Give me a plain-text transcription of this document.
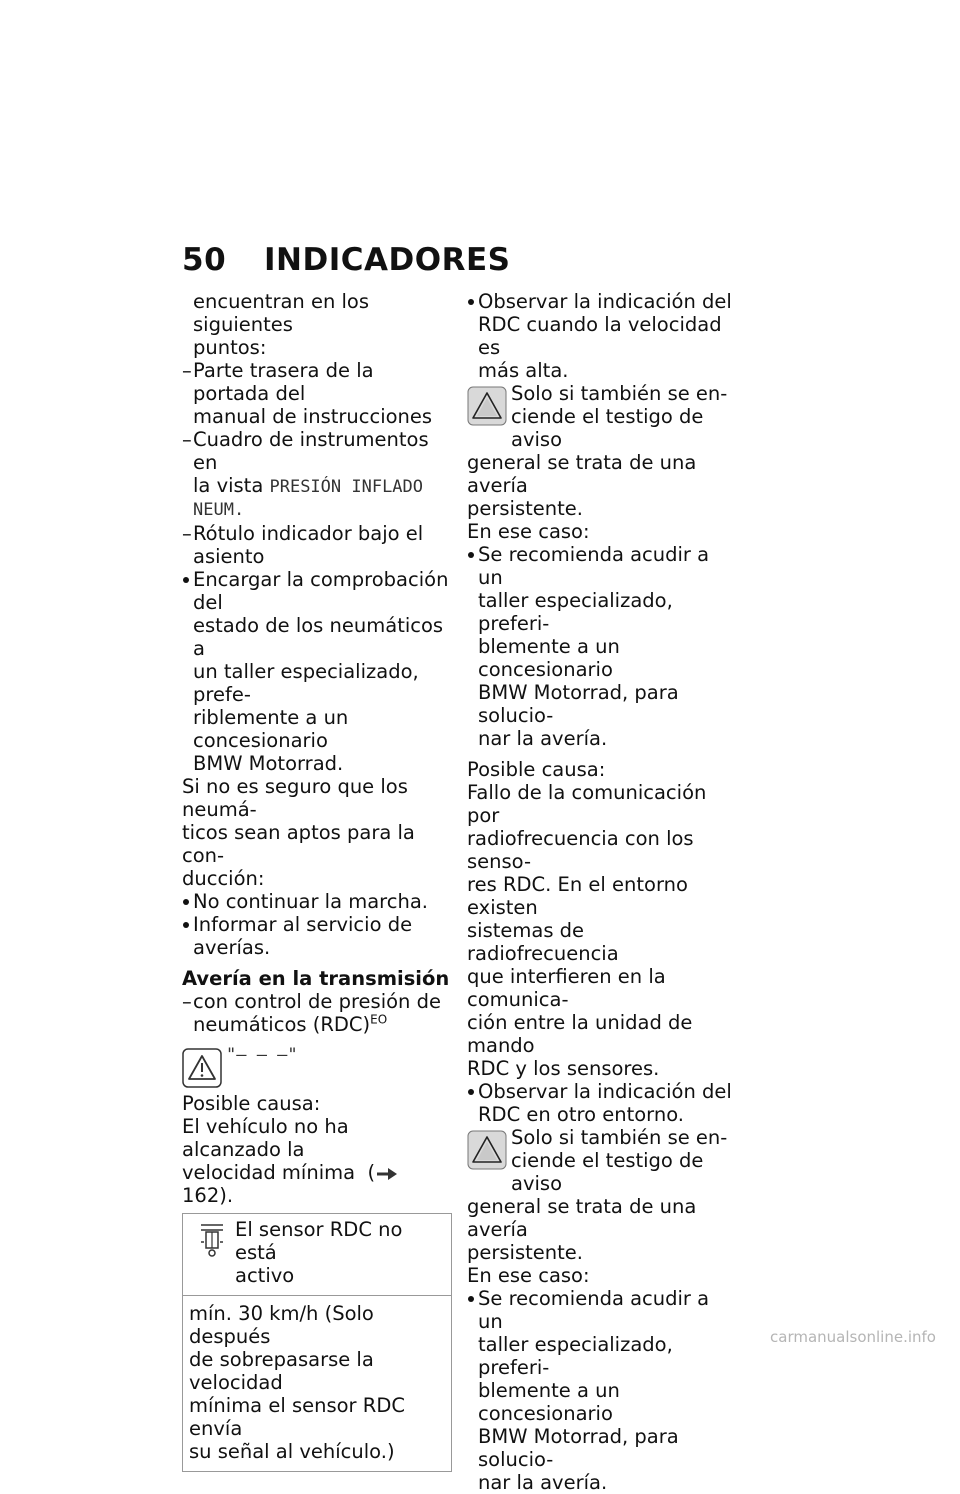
50 INDICADORES

encuentran en los siguientes

puntos:

– Parte trasera de la portada del

manual de instrucciones

– Cuadro de instrumentos en

la vista PRESIÓN INFLADO

NEUM.

– Rótulo indicador bajo el

asiento

Encargar la comprobación del

estado de los neumáticos a

un taller especializado, prefe-

riblemente a un concesionario

BMW Motorrad.

Si no es seguro que los neumá-

ticos sean aptos para la con-

ducción:

No continuar la marcha.

Informar al servicio de averías.

Avería en la transmisión

– con control de presión de

neumáticos (RDC)$^{EO}$

"– – –"

Posible causa:

El vehículo no ha alcanzado la

velocidad mínima (162).

El sensor RDC no está

activo

mín. 30 km/h (Solo después

de sobrepasarse la velocidad

mínima el sensor RDC envía

su señal al vehículo.)

Observar la indicación del

RDC cuando la velocidad es

más alta.

Solo si también se en-

ciende el testigo de aviso

general se trata de una avería

persistente.

En ese caso:

Se recomienda acudir a un

taller especializado, preferi-

blemente a un concesionario

BMW Motorrad, para solucio-

nar la avería.

Posible causa:

Fallo de la comunicación por

radiofrecuencia con los senso-

res RDC. En el entorno existen

sistemas de radiofrecuencia

que interfieren en la comunica-

ción entre la unidad de mando

RDC y los sensores.

Observar la indicación del

RDC en otro entorno.

Solo si también se en-

ciende el testigo de aviso

general se trata de una avería

persistente.

En ese caso:

Se recomienda acudir a un

taller especializado, preferi-

blemente a un concesionario

BMW Motorrad, para solucio-

nar la avería.

carmanualsonline.info
